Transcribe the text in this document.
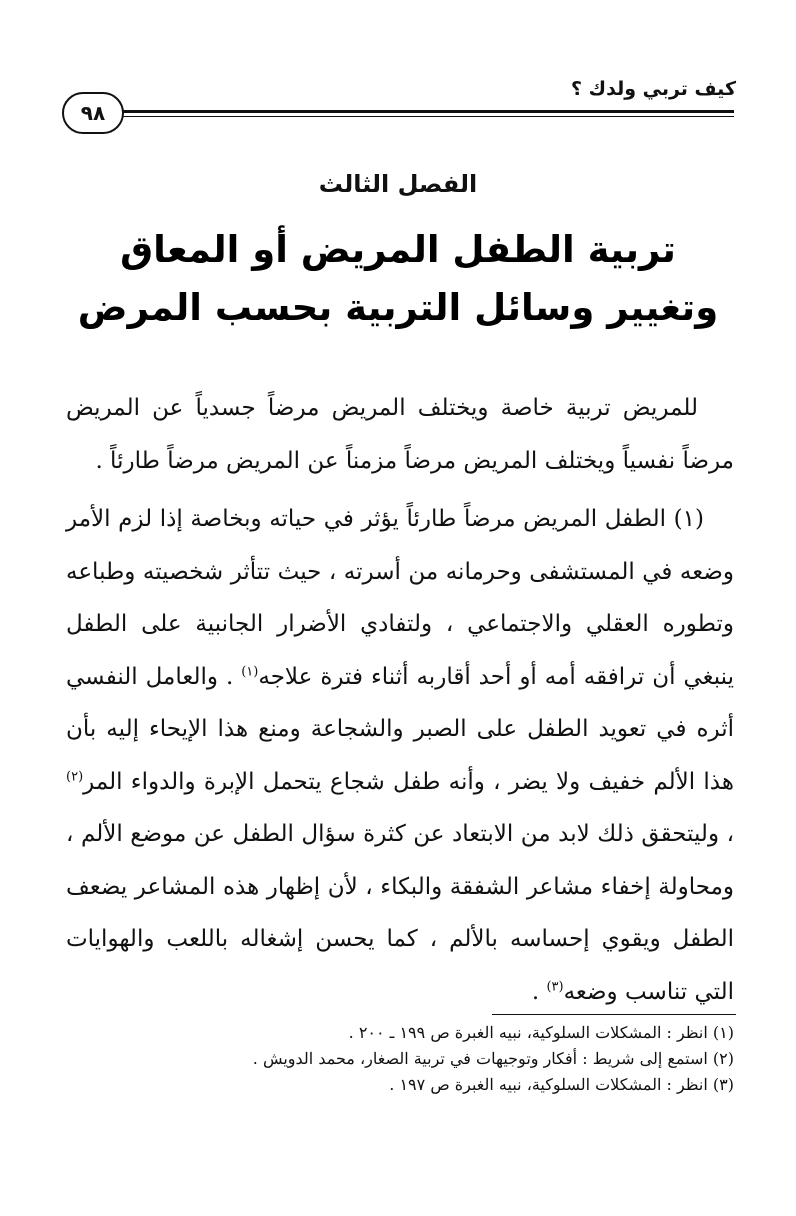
كيف تربي ولدك ؟
٩٨
الفصل الثالث
تربية الطفل المريض أو المعاق
وتغيير وسائل التربية بحسب المرض

للمريض تربية خاصة ويختلف المريض مرضاً جسدياً عن المريض مرضاً نفسياً ويختلف المريض مرضاً مزمناً عن المريض مرضاً طارئاً .

(١) الطفل المريض مرضاً طارئاً يؤثر في حياته وبخاصة إذا لزم الأمر وضعه في المستشفى وحرمانه من أسرته ، حيث تتأثر شخصيته وطباعه وتطوره العقلي والاجتماعي ، ولتفادي الأضرار الجانبية على الطفل ينبغي أن ترافقه أمه أو أحد أقاربه أثناء فترة علاجه$^{(١)}$ . والعامل النفسي أثره في تعويد الطفل على الصبر والشجاعة ومنع هذا الإيحاء إليه بأن هذا الألم خفيف ولا يضر ، وأنه طفل شجاع يتحمل الإبرة والدواء المر$^{(٢)}$ ، وليتحقق ذلك لابد من الابتعاد عن كثرة سؤال الطفل عن موضع الألم ، ومحاولة إخفاء مشاعر الشفقة والبكاء ، لأن إظهار هذه المشاعر يضعف الطفل ويقوي إحساسه بالألم ، كما يحسن إشغاله باللعب والهوايات التي تناسب وضعه$^{(٣)}$ .

(١) انظر : المشكلات السلوكية، نبيه الغبرة ص ١٩٩ ـ ٢٠٠ .
(٢) استمع إلى شريط : أفكار وتوجيهات في تربية الصغار، محمد الدويش .
(٣) انظر : المشكلات السلوكية، نبيه الغبرة ص ١٩٧ .
